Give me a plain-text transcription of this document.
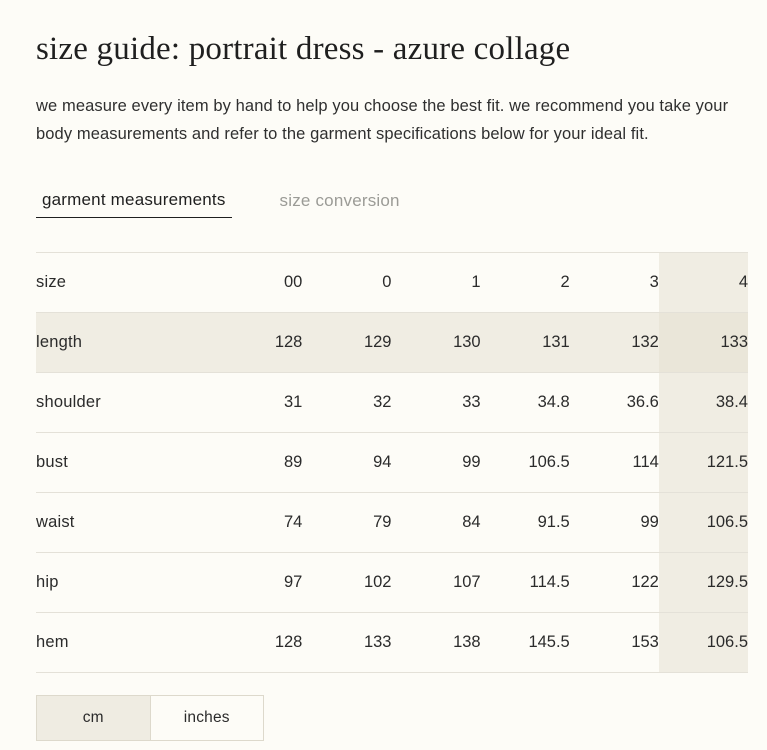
size guide: portrait dress - azure collage

we measure every item by hand to help you choose the best fit. we recommend you take your body measurements and refer to the garment specifications below for your ideal fit.

garment measurements	size conversion
size	00	0	1	2	3	4
length	128	129	130	131	132	133
shoulder	31	32	33	34.8	36.6	38.4
bust	89	94	99	106.5	114	121.5
waist	74	79	84	91.5	99	106.5
hip	97	102	107	114.5	122	129.5
hem	128	133	138	145.5	153	106.5
cm	inches
